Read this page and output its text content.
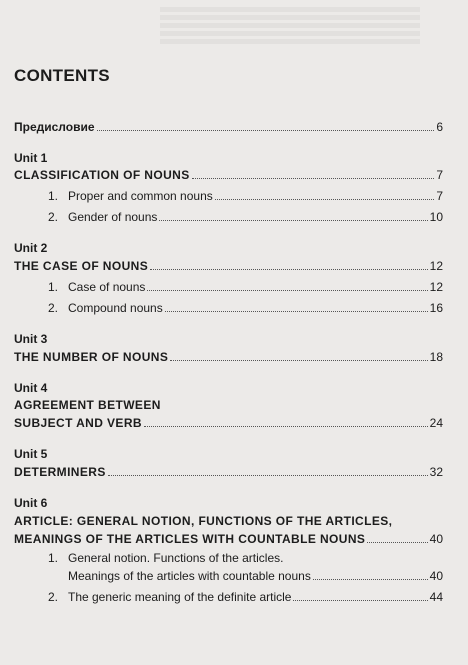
CONTENTS
Предисловие	6
Unit 1
CLASSIFICATION OF NOUNS	7
1. Proper and common nouns	7
2. Gender of nouns	10
Unit 2
THE CASE OF NOUNS	12
1. Case of nouns	12
2. Compound nouns	16
Unit 3
THE NUMBER OF NOUNS	18
Unit 4
AGREEMENT BETWEEN
SUBJECT AND VERB	24
Unit 5
DETERMINERS	32
Unit 6
ARTICLE: GENERAL NOTION, FUNCTIONS OF THE ARTICLES,
MEANINGS OF THE ARTICLES WITH COUNTABLE NOUNS	40
1. General notion. Functions of the articles.
Meanings of the articles with countable nouns	40
2. The generic meaning of the definite article	44
